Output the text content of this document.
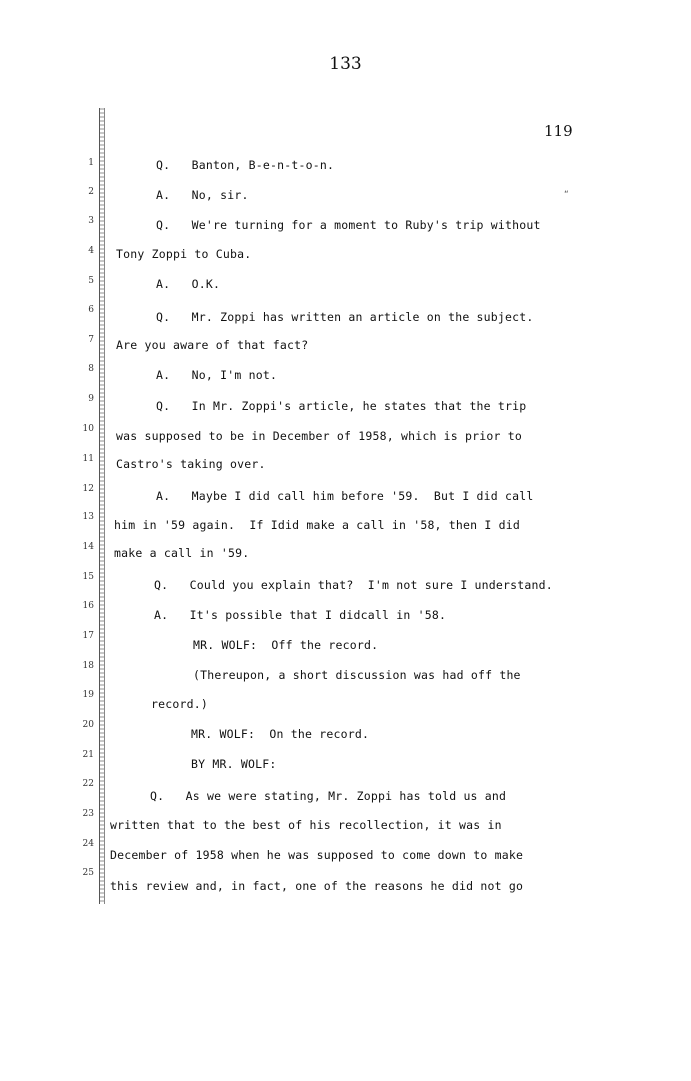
133
119
“
1
2
3
4
5
6
7
8
9
10
11
12
13
14
15
16
17
18
19
20
21
22
23
24
25
Q.   Banton, B-e-n-t-o-n.
A.   No, sir.
Q.   We're turning for a moment to Ruby's trip without
Tony Zoppi to Cuba.
A.   O.K.
Q.   Mr. Zoppi has written an article on the subject.
Are you aware of that fact?
A.   No, I'm not.
Q.   In Mr. Zoppi's article, he states that the trip
was supposed to be in December of 1958, which is prior to
Castro's taking over.
A.   Maybe I did call him before '59.  But I did call
him in '59 again.  If Idid make a call in '58, then I did
make a call in '59.
Q.   Could you explain that?  I'm not sure I understand.
A.   It's possible that I didcall in '58.
MR. WOLF:  Off the record.
(Thereupon, a short discussion was had off the
record.)
MR. WOLF:  On the record.
BY MR. WOLF:
Q.   As we were stating, Mr. Zoppi has told us and
written that to the best of his recollection, it was in
December of 1958 when he was supposed to come down to make
this review and, in fact, one of the reasons he did not go
